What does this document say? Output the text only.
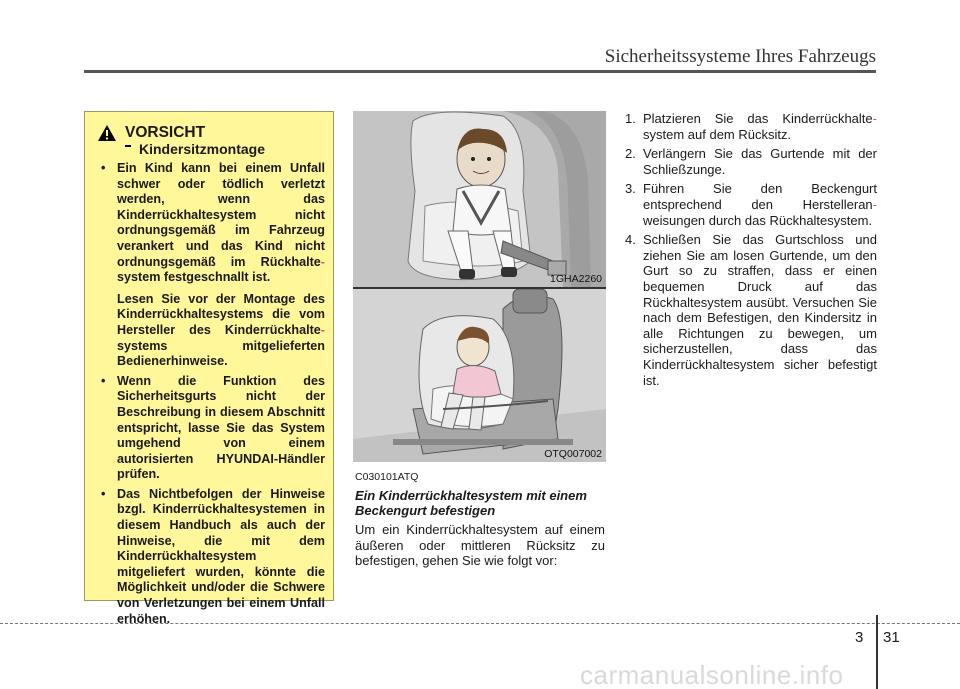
Sicherheitssysteme Ihres Fahrzeugs
VORSICHT
Kindersitzmontage
• Ein Kind kann bei einem Unfall schwer oder tödlich verletzt werden, wenn das Kinderrückhaltesystem nicht ordnungsgemäß im Fahrzeug verankert und das Kind nicht ordnungsgemäß im Rückhalte- system festgeschnallt ist.
Lesen Sie vor der Montage des Kinderrückhaltesystems die vom Hersteller des Kinderrückhalte- systems mitgelieferten Bedienerhinweise.
• Wenn die Funktion des Sicherheitsgurts nicht der Beschreibung in diesem Abschnitt entspricht, lasse Sie das System umgehend von einem autorisierten HYUNDAI-Händler prüfen.
• Das Nichtbefolgen der Hinweise bzgl. Kinderrückhaltesystemen in diesem Handbuch als auch der Hinweise, die mit dem Kinderrückhaltesystem mitgeliefert wurden, könnte die Möglichkeit und/oder die Schwere von Verletzungen bei einem Unfall erhöhen.
1GHA2260
OTQ007002
C030101ATQ
Ein Kinderrückhaltesystem mit einem Beckengurt befestigen
Um ein Kinderrückhaltesystem auf einem äußeren oder mittleren Rücksitz zu befestigen, gehen Sie wie folgt vor:
1. Platzieren Sie das Kinderrückhalte- system auf dem Rücksitz.
2. Verlängern Sie das Gurtende mit der Schließzunge.
3. Führen Sie den Beckengurt entsprechend den Herstelleran- weisungen durch das Rückhaltesystem.
4. Schließen Sie das Gurtschloss und ziehen Sie am losen Gurtende, um den Gurt so zu straffen, dass er einen bequemen Druck auf das Rückhaltesystem ausübt. Versuchen Sie nach dem Befestigen, den Kindersitz in alle Richtungen zu bewegen, um sicherzustellen, dass das Kinderrückhaltesystem sicher befestigt ist.
3 31
carmanualsonline.info
